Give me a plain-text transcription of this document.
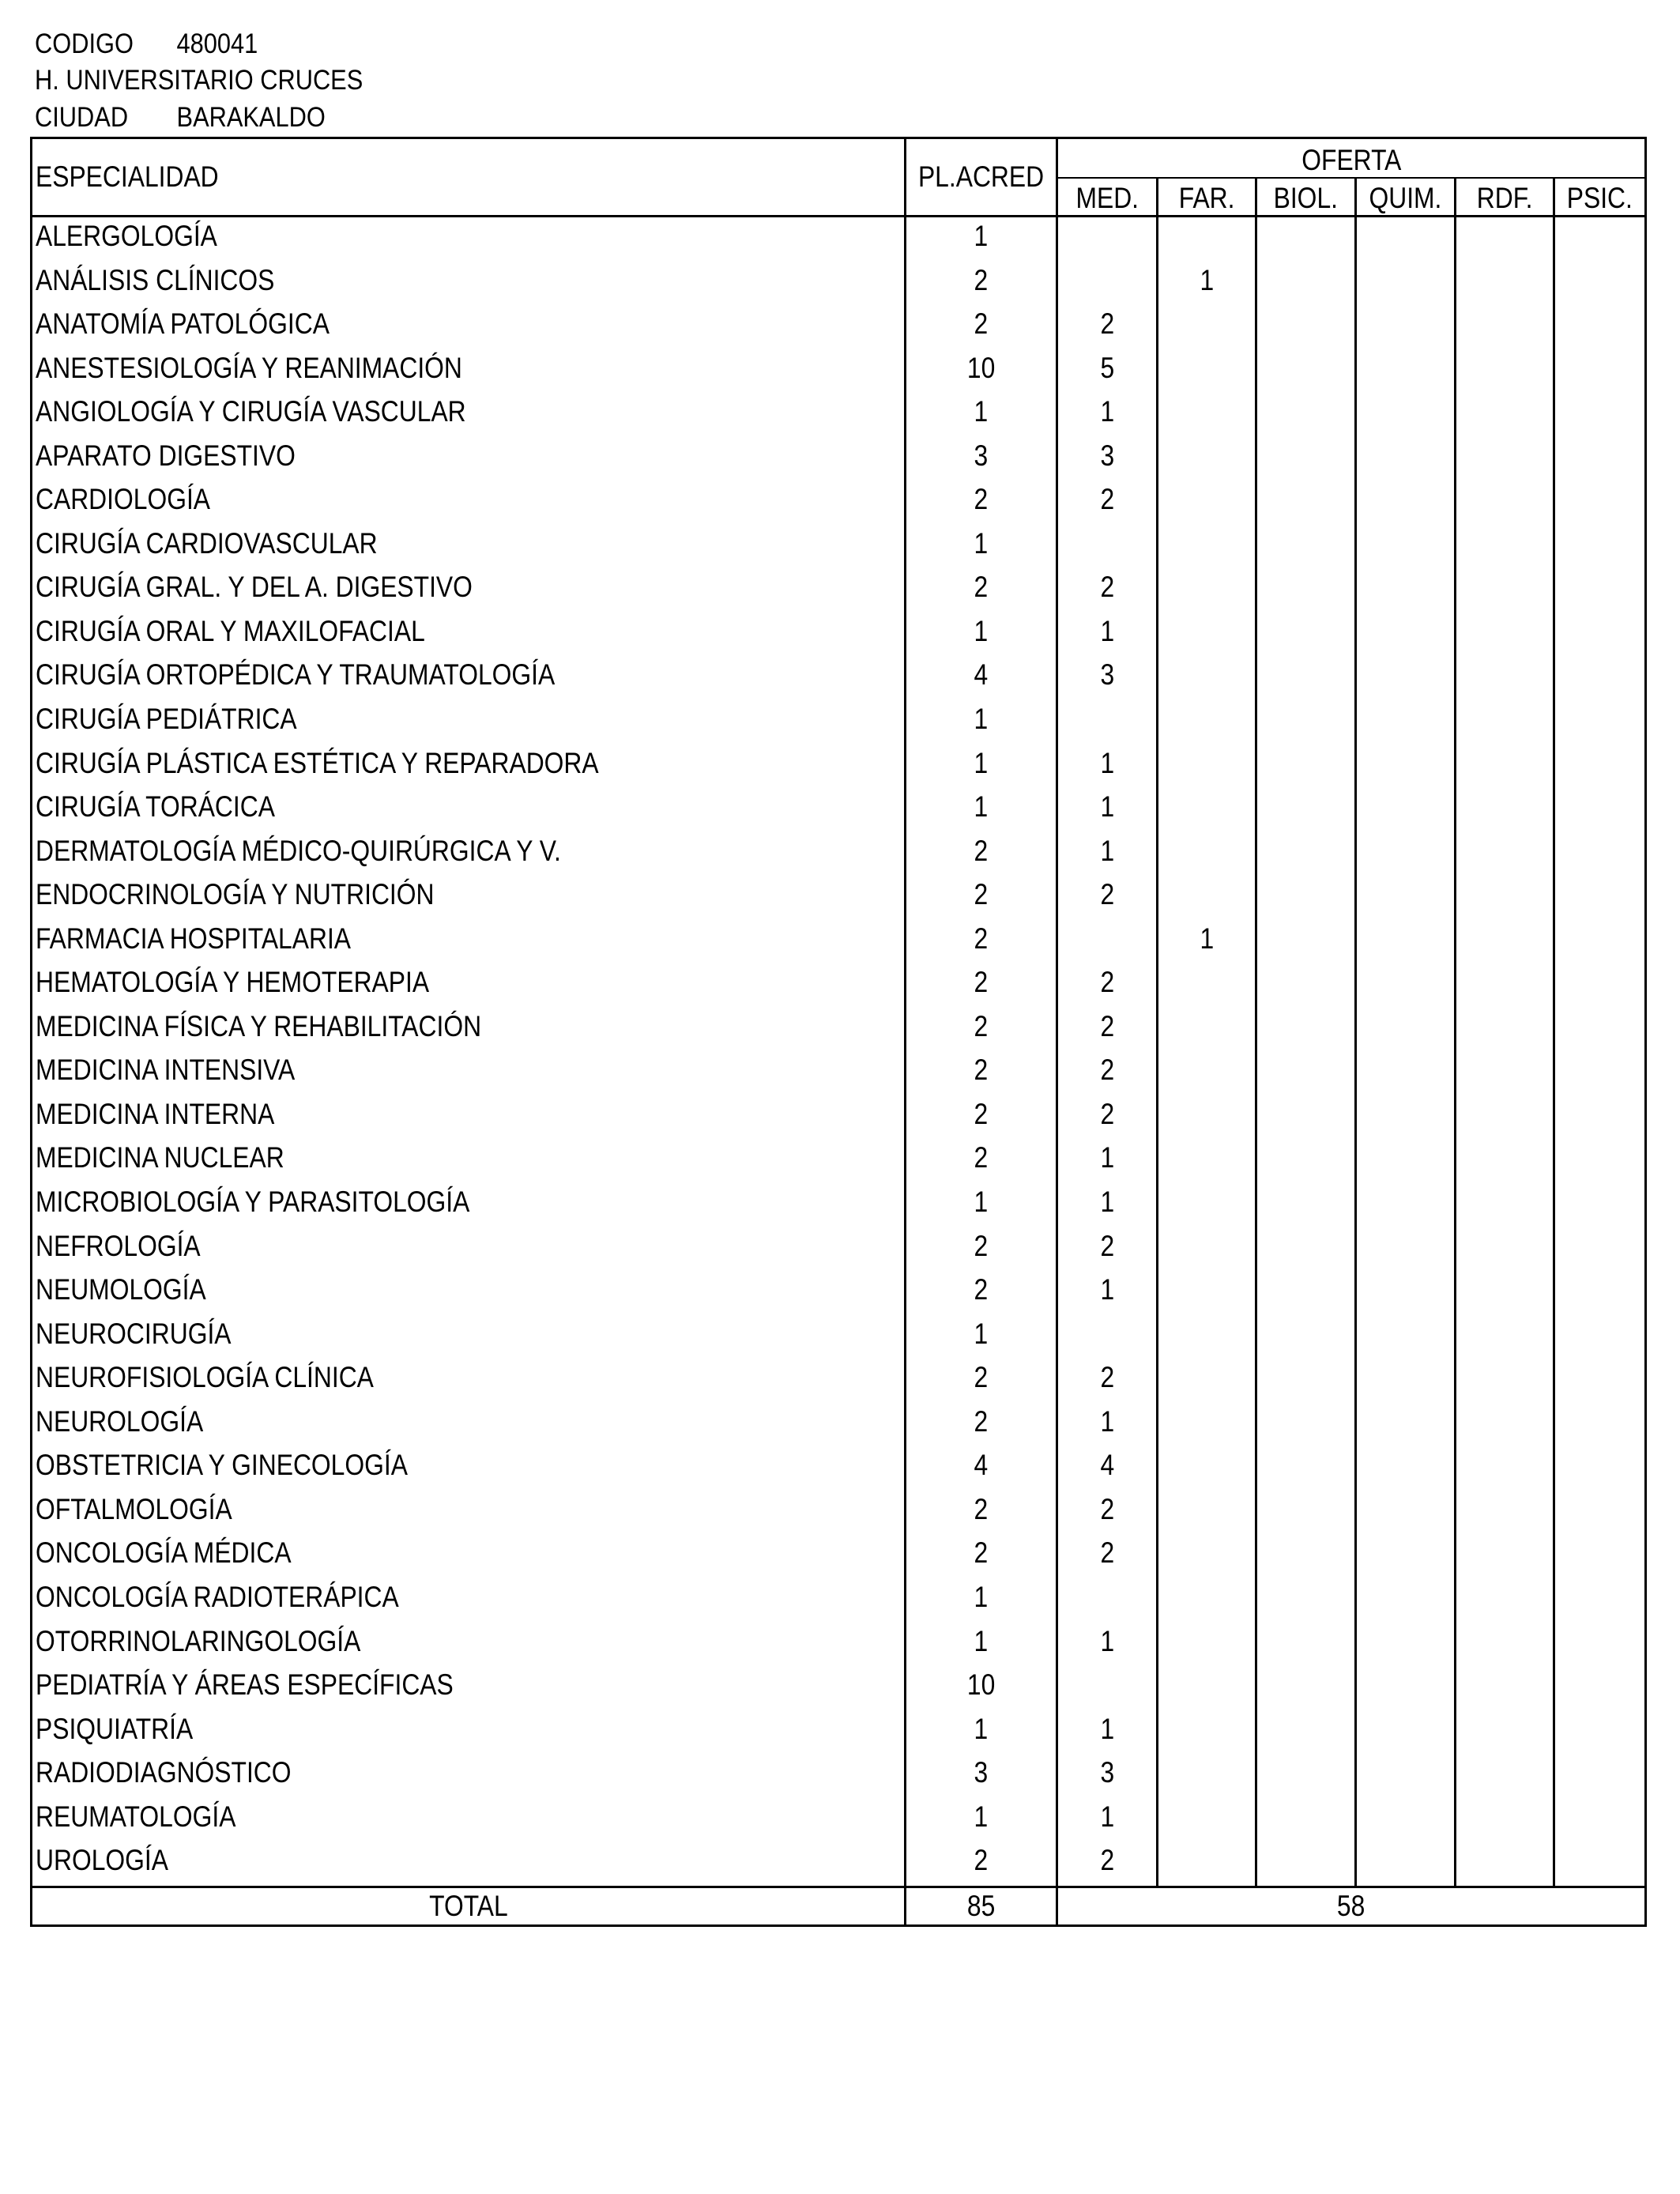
CODIGO 480041
H. UNIVERSITARIO CRUCES
CIUDAD BARAKALDO
ESPECIALIDAD	PL.ACRED	OFERTA					
		MED.	FAR.	BIOL.	QUIM.	RDF.	PSIC.
ALERGOLOGÍA	1						
ANÁLISIS CLÍNICOS	2		1				
ANATOMÍA PATOLÓGICA	2	2					
ANESTESIOLOGÍA Y REANIMACIÓN	10	5					
ANGIOLOGÍA Y CIRUGÍA VASCULAR	1	1					
APARATO DIGESTIVO	3	3					
CARDIOLOGÍA	2	2					
CIRUGÍA CARDIOVASCULAR	1						
CIRUGÍA GRAL. Y DEL A. DIGESTIVO	2	2					
CIRUGÍA ORAL Y MAXILOFACIAL	1	1					
CIRUGÍA ORTOPÉDICA Y TRAUMATOLOGÍA	4	3					
CIRUGÍA PEDIÁTRICA	1						
CIRUGÍA PLÁSTICA ESTÉTICA Y REPARADORA	1	1					
CIRUGÍA TORÁCICA	1	1					
DERMATOLOGÍA MÉDICO-QUIRÚRGICA Y V.	2	1					
ENDOCRINOLOGÍA Y NUTRICIÓN	2	2					
FARMACIA HOSPITALARIA	2		1				
HEMATOLOGÍA Y HEMOTERAPIA	2	2					
MEDICINA FÍSICA Y REHABILITACIÓN	2	2					
MEDICINA INTENSIVA	2	2					
MEDICINA INTERNA	2	2					
MEDICINA NUCLEAR	2	1					
MICROBIOLOGÍA Y PARASITOLOGÍA	1	1					
NEFROLOGÍA	2	2					
NEUMOLOGÍA	2	1					
NEUROCIRUGÍA	1						
NEUROFISIOLOGÍA CLÍNICA	2	2					
NEUROLOGÍA	2	1					
OBSTETRICIA Y GINECOLOGÍA	4	4					
OFTALMOLOGÍA	2	2					
ONCOLOGÍA MÉDICA	2	2					
ONCOLOGÍA RADIOTERÁPICA	1						
OTORRINOLARINGOLOGÍA	1	1					
PEDIATRÍA Y ÁREAS ESPECÍFICAS	10						
PSIQUIATRÍA	1	1					
RADIODIAGNÓSTICO	3	3					
REUMATOLOGÍA	1	1					
UROLOGÍA	2	2					
TOTAL	85	58					
